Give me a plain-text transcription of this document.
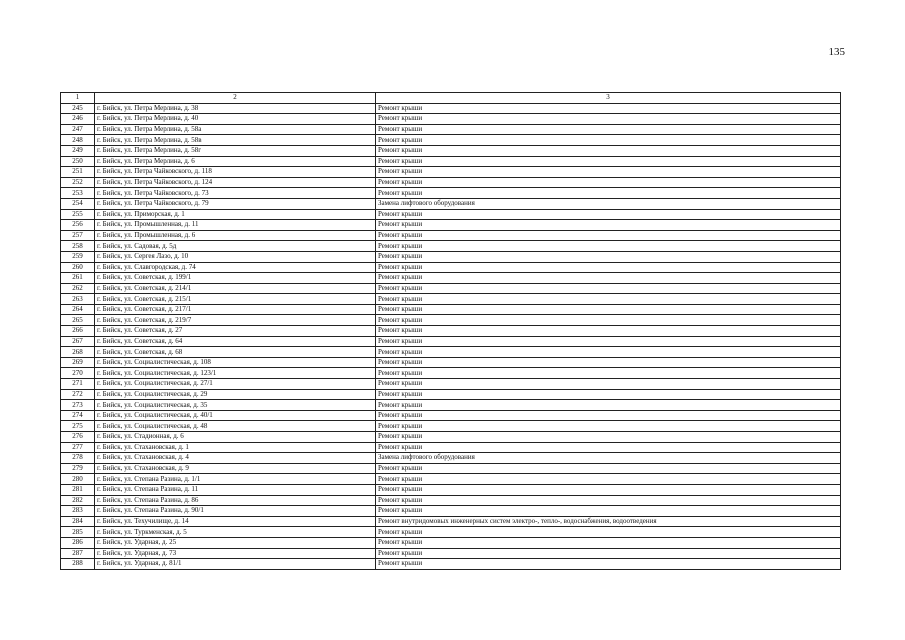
135
1	2	3
245	г. Бийск, ул. Петра Мерлина, д. 38	Ремонт крыши
246	г. Бийск, ул. Петра Мерлина, д. 40	Ремонт крыши
247	г. Бийск, ул. Петра Мерлина, д. 58а	Ремонт крыши
248	г. Бийск, ул. Петра Мерлина, д. 58в	Ремонт крыши
249	г. Бийск, ул. Петра Мерлина, д. 58г	Ремонт крыши
250	г. Бийск, ул. Петра Мерлина, д. 6	Ремонт крыши
251	г. Бийск, ул. Петра Чайковского, д. 118	Ремонт крыши
252	г. Бийск, ул. Петра Чайковского, д. 124	Ремонт крыши
253	г. Бийск, ул. Петра Чайковского, д. 73	Ремонт крыши
254	г. Бийск, ул. Петра Чайковского, д. 79	Замена лифтового оборудования
255	г. Бийск, ул. Приморская, д. 1	Ремонт крыши
256	г. Бийск, ул. Промышленная, д. 11	Ремонт крыши
257	г. Бийск, ул. Промышленная, д. 6	Ремонт крыши
258	г. Бийск, ул. Садовая, д. 5д	Ремонт крыши
259	г. Бийск, ул. Сергея Лазо, д. 10	Ремонт крыши
260	г. Бийск, ул. Славгородская, д. 74	Ремонт крыши
261	г. Бийск, ул. Советская, д. 199/1	Ремонт крыши
262	г. Бийск, ул. Советская, д. 214/1	Ремонт крыши
263	г. Бийск, ул. Советская, д. 215/1	Ремонт крыши
264	г. Бийск, ул. Советская, д. 217/1	Ремонт крыши
265	г. Бийск, ул. Советская, д. 219/7	Ремонт крыши
266	г. Бийск, ул. Советская, д. 27	Ремонт крыши
267	г. Бийск, ул. Советская, д. 64	Ремонт крыши
268	г. Бийск, ул. Советская, д. 68	Ремонт крыши
269	г. Бийск, ул. Социалистическая, д. 108	Ремонт крыши
270	г. Бийск, ул. Социалистическая, д. 123/1	Ремонт крыши
271	г. Бийск, ул. Социалистическая, д. 27/1	Ремонт крыши
272	г. Бийск, ул. Социалистическая, д. 29	Ремонт крыши
273	г. Бийск, ул. Социалистическая, д. 35	Ремонт крыши
274	г. Бийск, ул. Социалистическая, д. 40/1	Ремонт крыши
275	г. Бийск, ул. Социалистическая, д. 48	Ремонт крыши
276	г. Бийск, ул. Стадионная, д. 6	Ремонт крыши
277	г. Бийск, ул. Стахановская, д. 1	Ремонт крыши
278	г. Бийск, ул. Стахановская, д. 4	Замена лифтового оборудования
279	г. Бийск, ул. Стахановская, д. 9	Ремонт крыши
280	г. Бийск, ул. Степана Разина, д. 1/1	Ремонт крыши
281	г. Бийск, ул. Степана Разина, д. 11	Ремонт крыши
282	г. Бийск, ул. Степана Разина, д. 86	Ремонт крыши
283	г. Бийск, ул. Степана Разина, д. 90/1	Ремонт крыши
284	г. Бийск, ул. Техучилище, д. 14	Ремонт внутридомовых инженерных систем электро-, тепло-, водоснабжения, водоотведения
285	г. Бийск, ул. Туркменская, д. 5	Ремонт крыши
286	г. Бийск, ул. Ударная, д. 25	Ремонт крыши
287	г. Бийск, ул. Ударная, д. 73	Ремонт крыши
288	г. Бийск, ул. Ударная, д. 81/1	Ремонт крыши
